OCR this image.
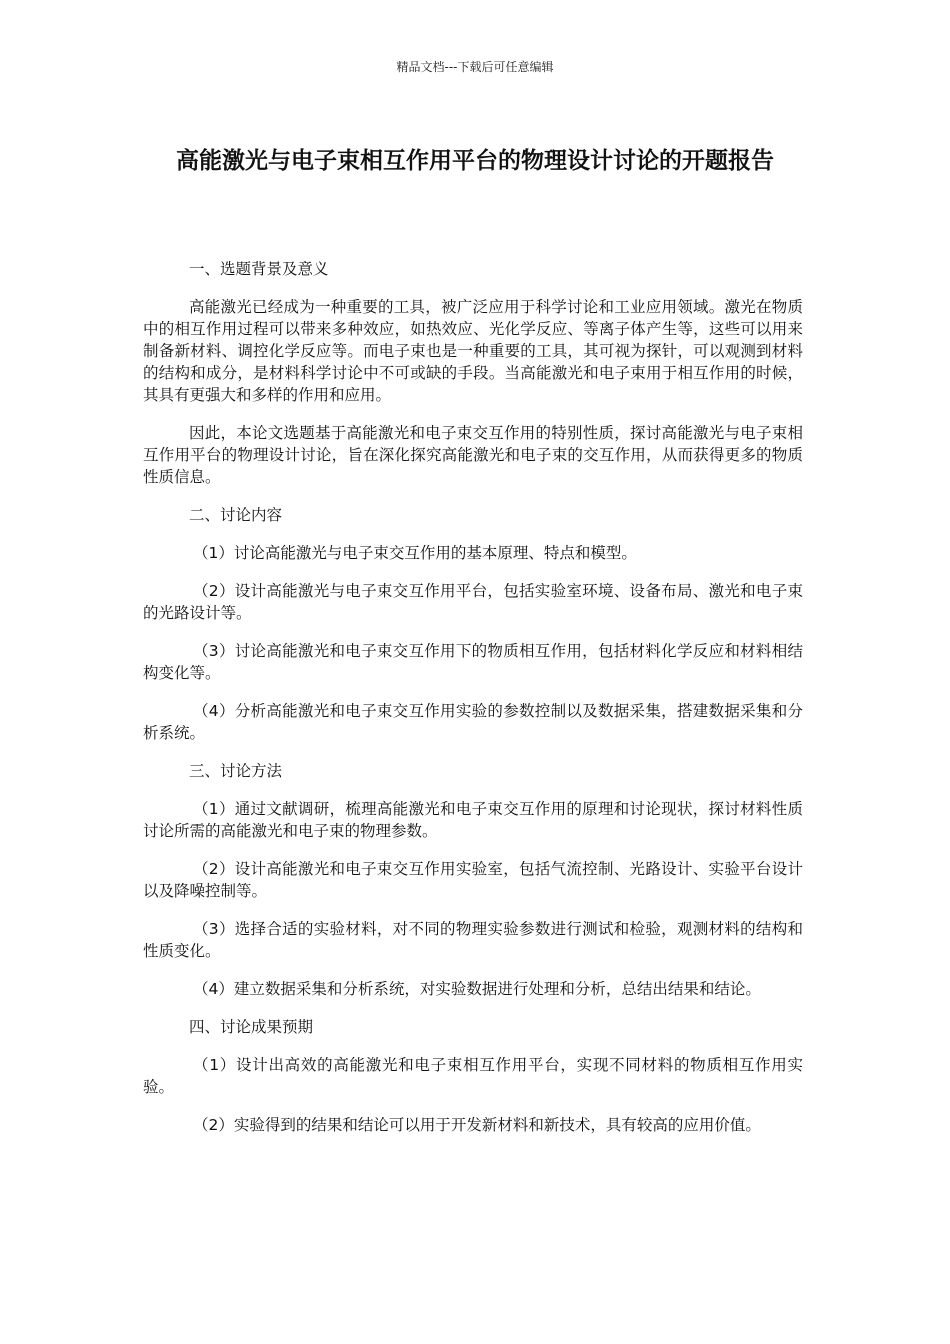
精品文档---下载后可任意编辑
高能激光与电子束相互作用平台的物理设计讨论的开题报告

一、选题背景及意义

高能激光已经成为一种重要的工具，被广泛应用于科学讨论和工业应用领域。激光在物质中的相互作用过程可以带来多种效应，如热效应、光化学反应、等离子体产生等，这些可以用来制备新材料、调控化学反应等。而电子束也是一种重要的工具，其可视为探针，可以观测到材料的结构和成分，是材料科学讨论中不可或缺的手段。当高能激光和电子束用于相互作用的时候，其具有更强大和多样的作用和应用。

因此，本论文选题基于高能激光和电子束交互作用的特别性质，探讨高能激光与电子束相互作用平台的物理设计讨论，旨在深化探究高能激光和电子束的交互作用，从而获得更多的物质性质信息。

二、讨论内容

（1）讨论高能激光与电子束交互作用的基本原理、特点和模型。

（2）设计高能激光与电子束交互作用平台，包括实验室环境、设备布局、激光和电子束的光路设计等。

（3）讨论高能激光和电子束交互作用下的物质相互作用，包括材料化学反应和材料相结构变化等。

（4）分析高能激光和电子束交互作用实验的参数控制以及数据采集，搭建数据采集和分析系统。

三、讨论方法

（1）通过文献调研，梳理高能激光和电子束交互作用的原理和讨论现状，探讨材料性质讨论所需的高能激光和电子束的物理参数。

（2）设计高能激光和电子束交互作用实验室，包括气流控制、光路设计、实验平台设计以及降噪控制等。

（3）选择合适的实验材料，对不同的物理实验参数进行测试和检验，观测材料的结构和性质变化。

（4）建立数据采集和分析系统，对实验数据进行处理和分析，总结出结果和结论。

四、讨论成果预期

（1）设计出高效的高能激光和电子束相互作用平台，实现不同材料的物质相互作用实验。

（2）实验得到的结果和结论可以用于开发新材料和新技术，具有较高的应用价值。
